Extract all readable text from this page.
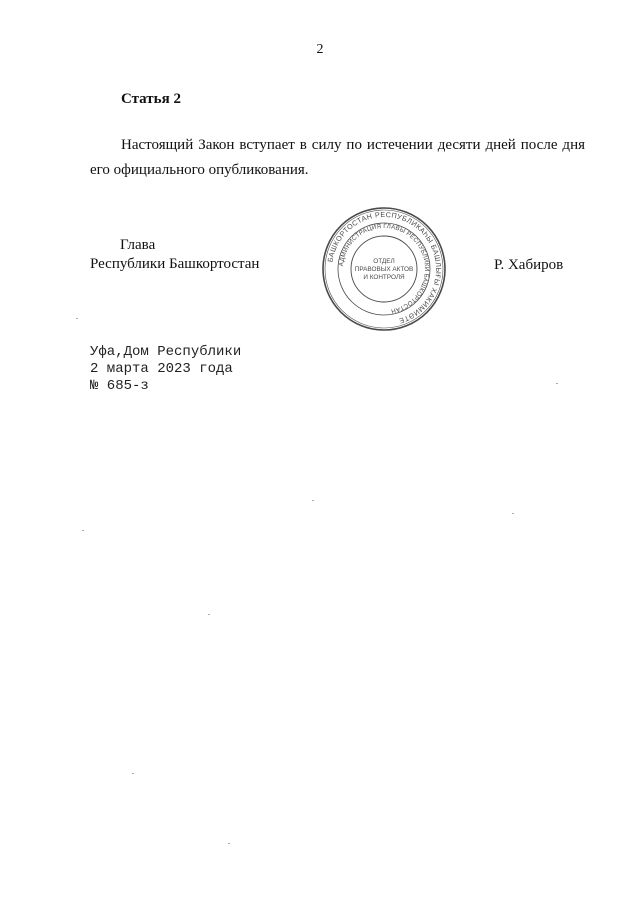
2
Статья 2
Настоящий Закон вступает в силу по истечении десяти дней после дня его официального опубликования.
Глава
Республики Башкортостан	Р. Хабиров
БАШКОРТОСТАН РЕСПУБЛИКАҺЫ БАШЛЫҒЫ ХАКИМИӘТЕ
АДМИНИСТРАЦИЯ ГЛАВЫ РЕСПУБЛИКИ БАШКОРТОСТАН
ОТДЕЛ
ПРАВОВЫХ АКТОВ
И КОНТРОЛЯ
Уфа,Дом Республики
2 марта 2023 года
№ 685-з
